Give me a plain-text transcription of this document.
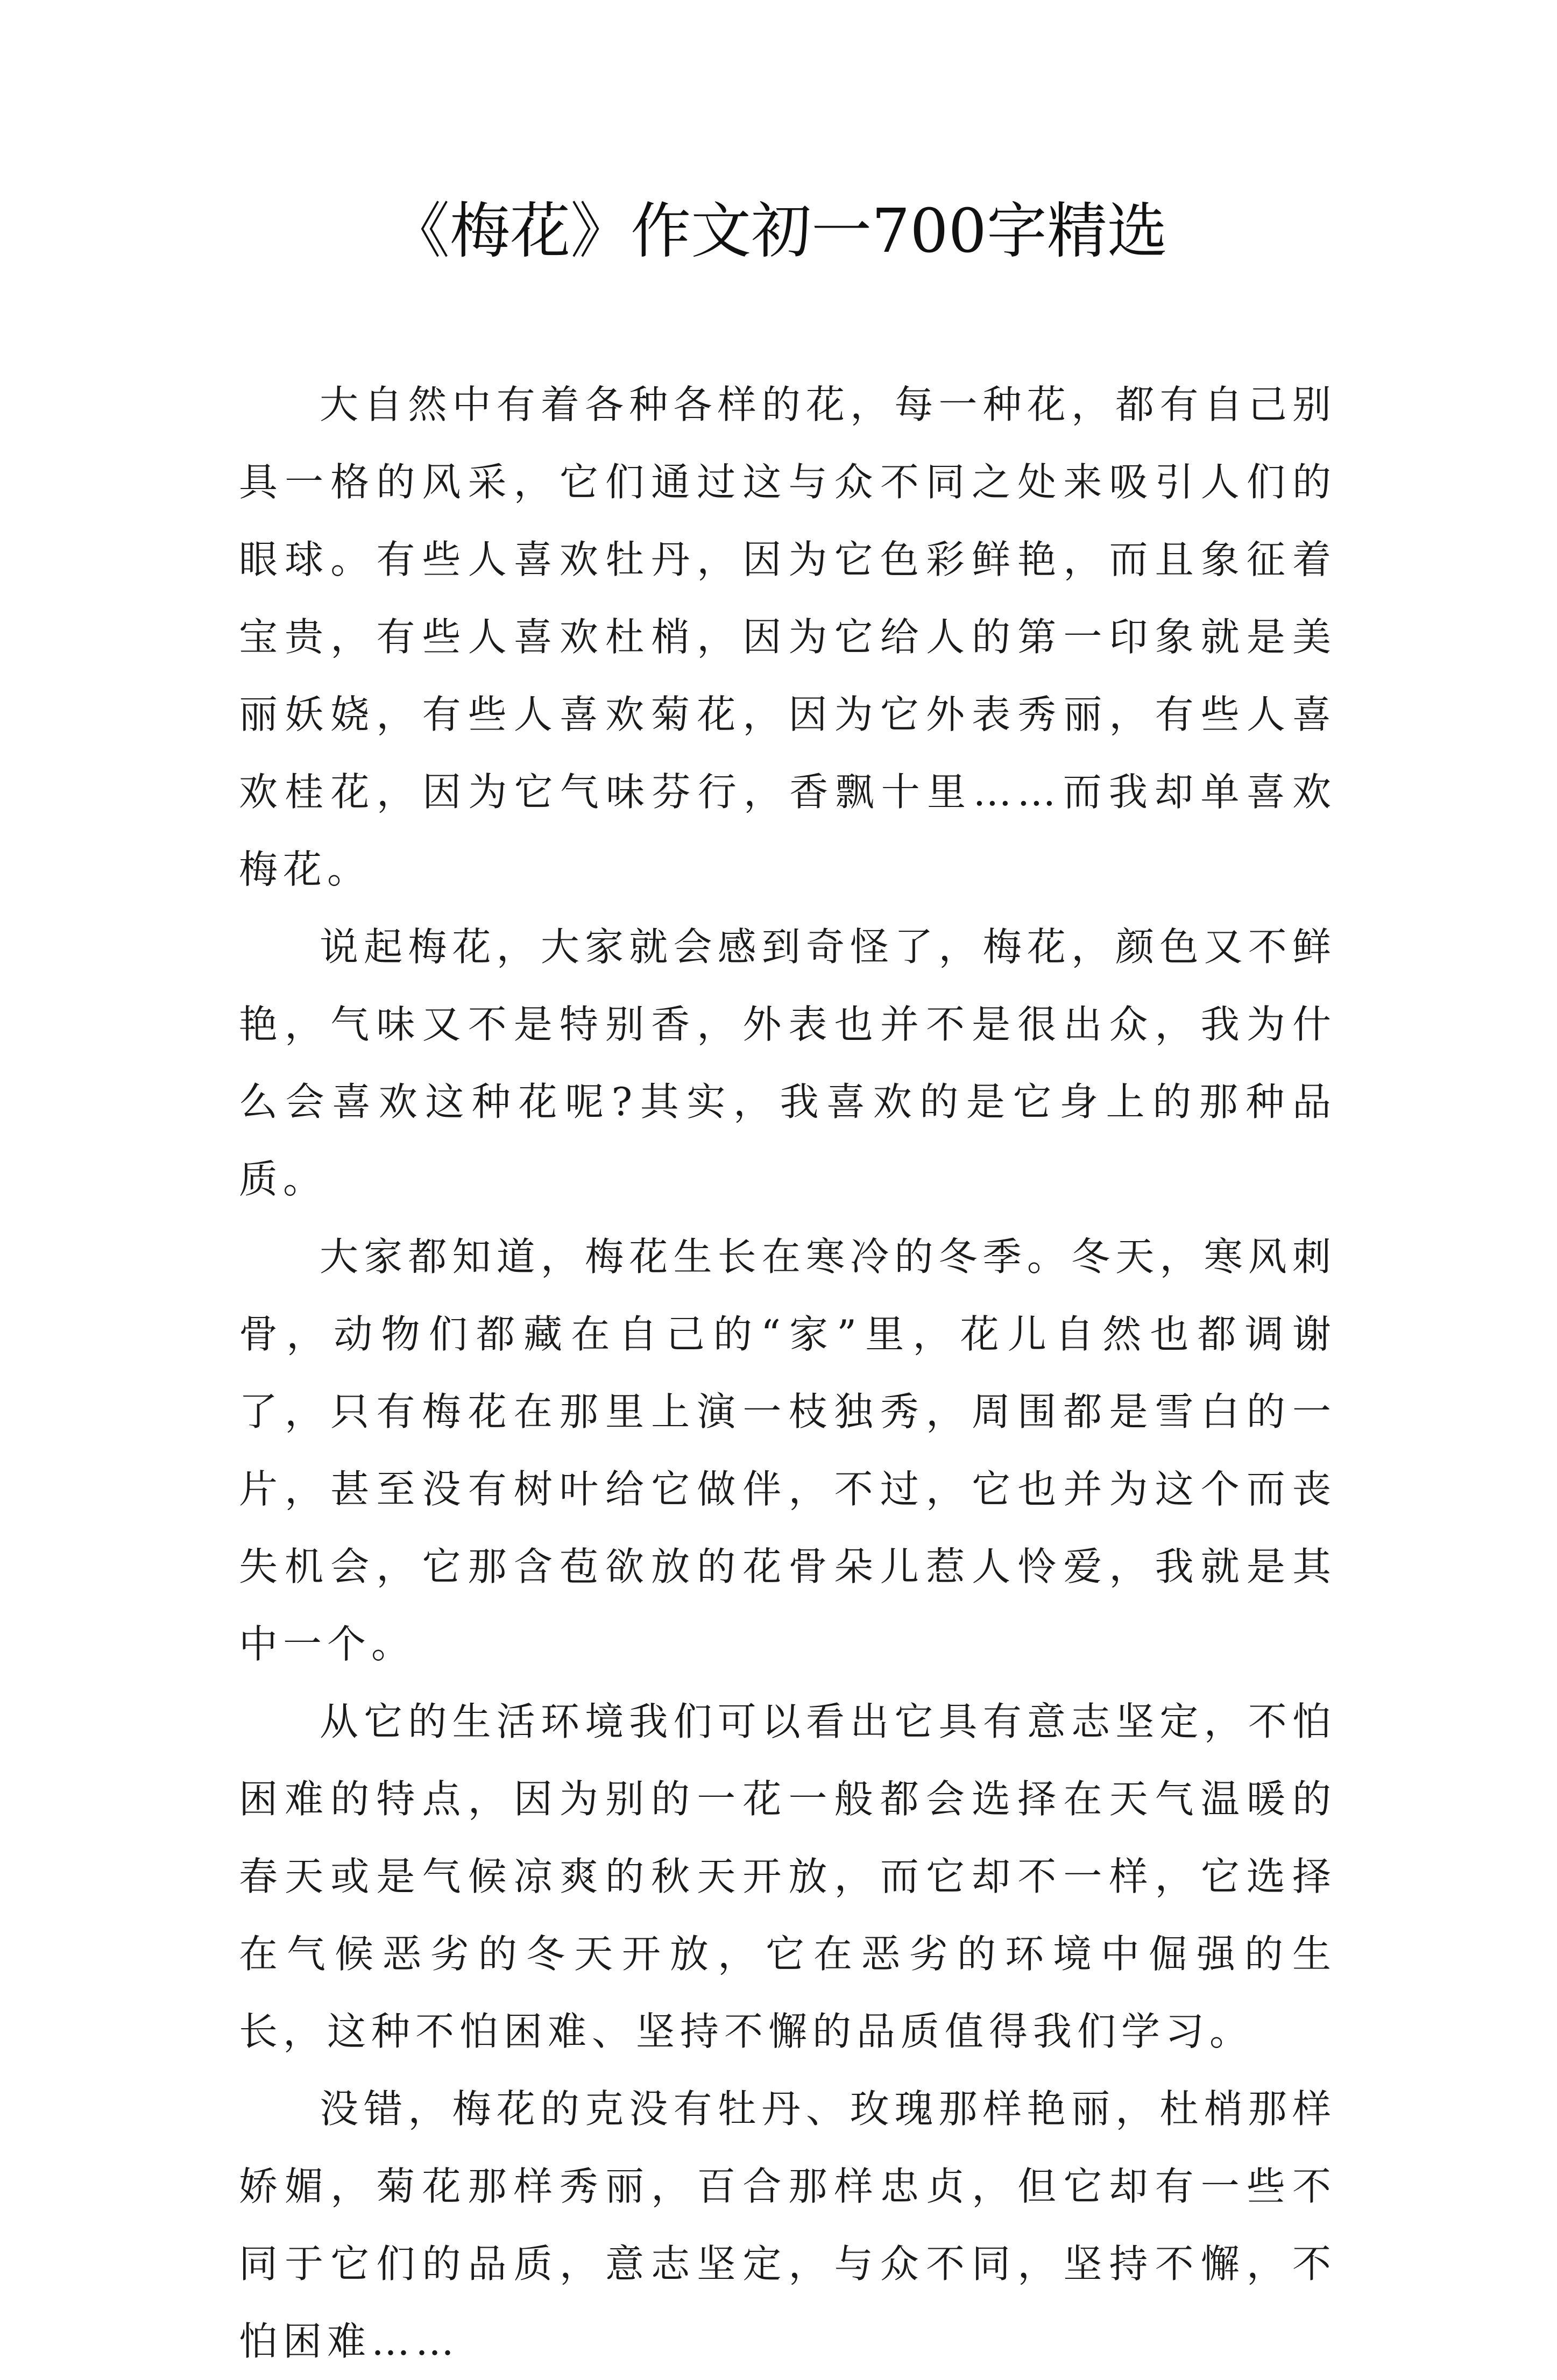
《梅花》作文初一700字精选

大自然中有着各种各样的花，每一种花，都有自己别具一格的风采，它们通过这与众不同之处来吸引人们的眼球。有些人喜欢牡丹，因为它色彩鲜艳，而且象征着宝贵，有些人喜欢杜梢，因为它给人的第一印象就是美丽妖娆，有些人喜欢菊花，因为它外表秀丽，有些人喜欢桂花，因为它气味芬行，香飘十里……而我却单喜欢梅花。

说起梅花，大家就会感到奇怪了，梅花，颜色又不鲜艳，气味又不是特别香，外表也并不是很出众，我为什么会喜欢这种花呢?其实，我喜欢的是它身上的那种品质。

大家都知道，梅花生长在寒冷的冬季。冬天，寒风刺骨，动物们都藏在自己的“家”里，花儿自然也都调谢了，只有梅花在那里上演一枝独秀，周围都是雪白的一片，甚至没有树叶给它做伴，不过，它也并为这个而丧失机会，它那含苞欲放的花骨朵儿惹人怜爱，我就是其中一个。

从它的生活环境我们可以看出它具有意志坚定，不怕困难的特点，因为别的一花一般都会选择在天气温暖的春天或是气候凉爽的秋天开放，而它却不一样，它选择在气候恶劣的冬天开放，它在恶劣的环境中倔强的生长，这种不怕困难、坚持不懈的品质值得我们学习。

没错，梅花的克没有牡丹、玫瑰那样艳丽，杜梢那样娇媚，菊花那样秀丽，百合那样忠贞，但它却有一些不同于它们的品质，意志坚定，与众不同，坚持不懈，不怕困难……
